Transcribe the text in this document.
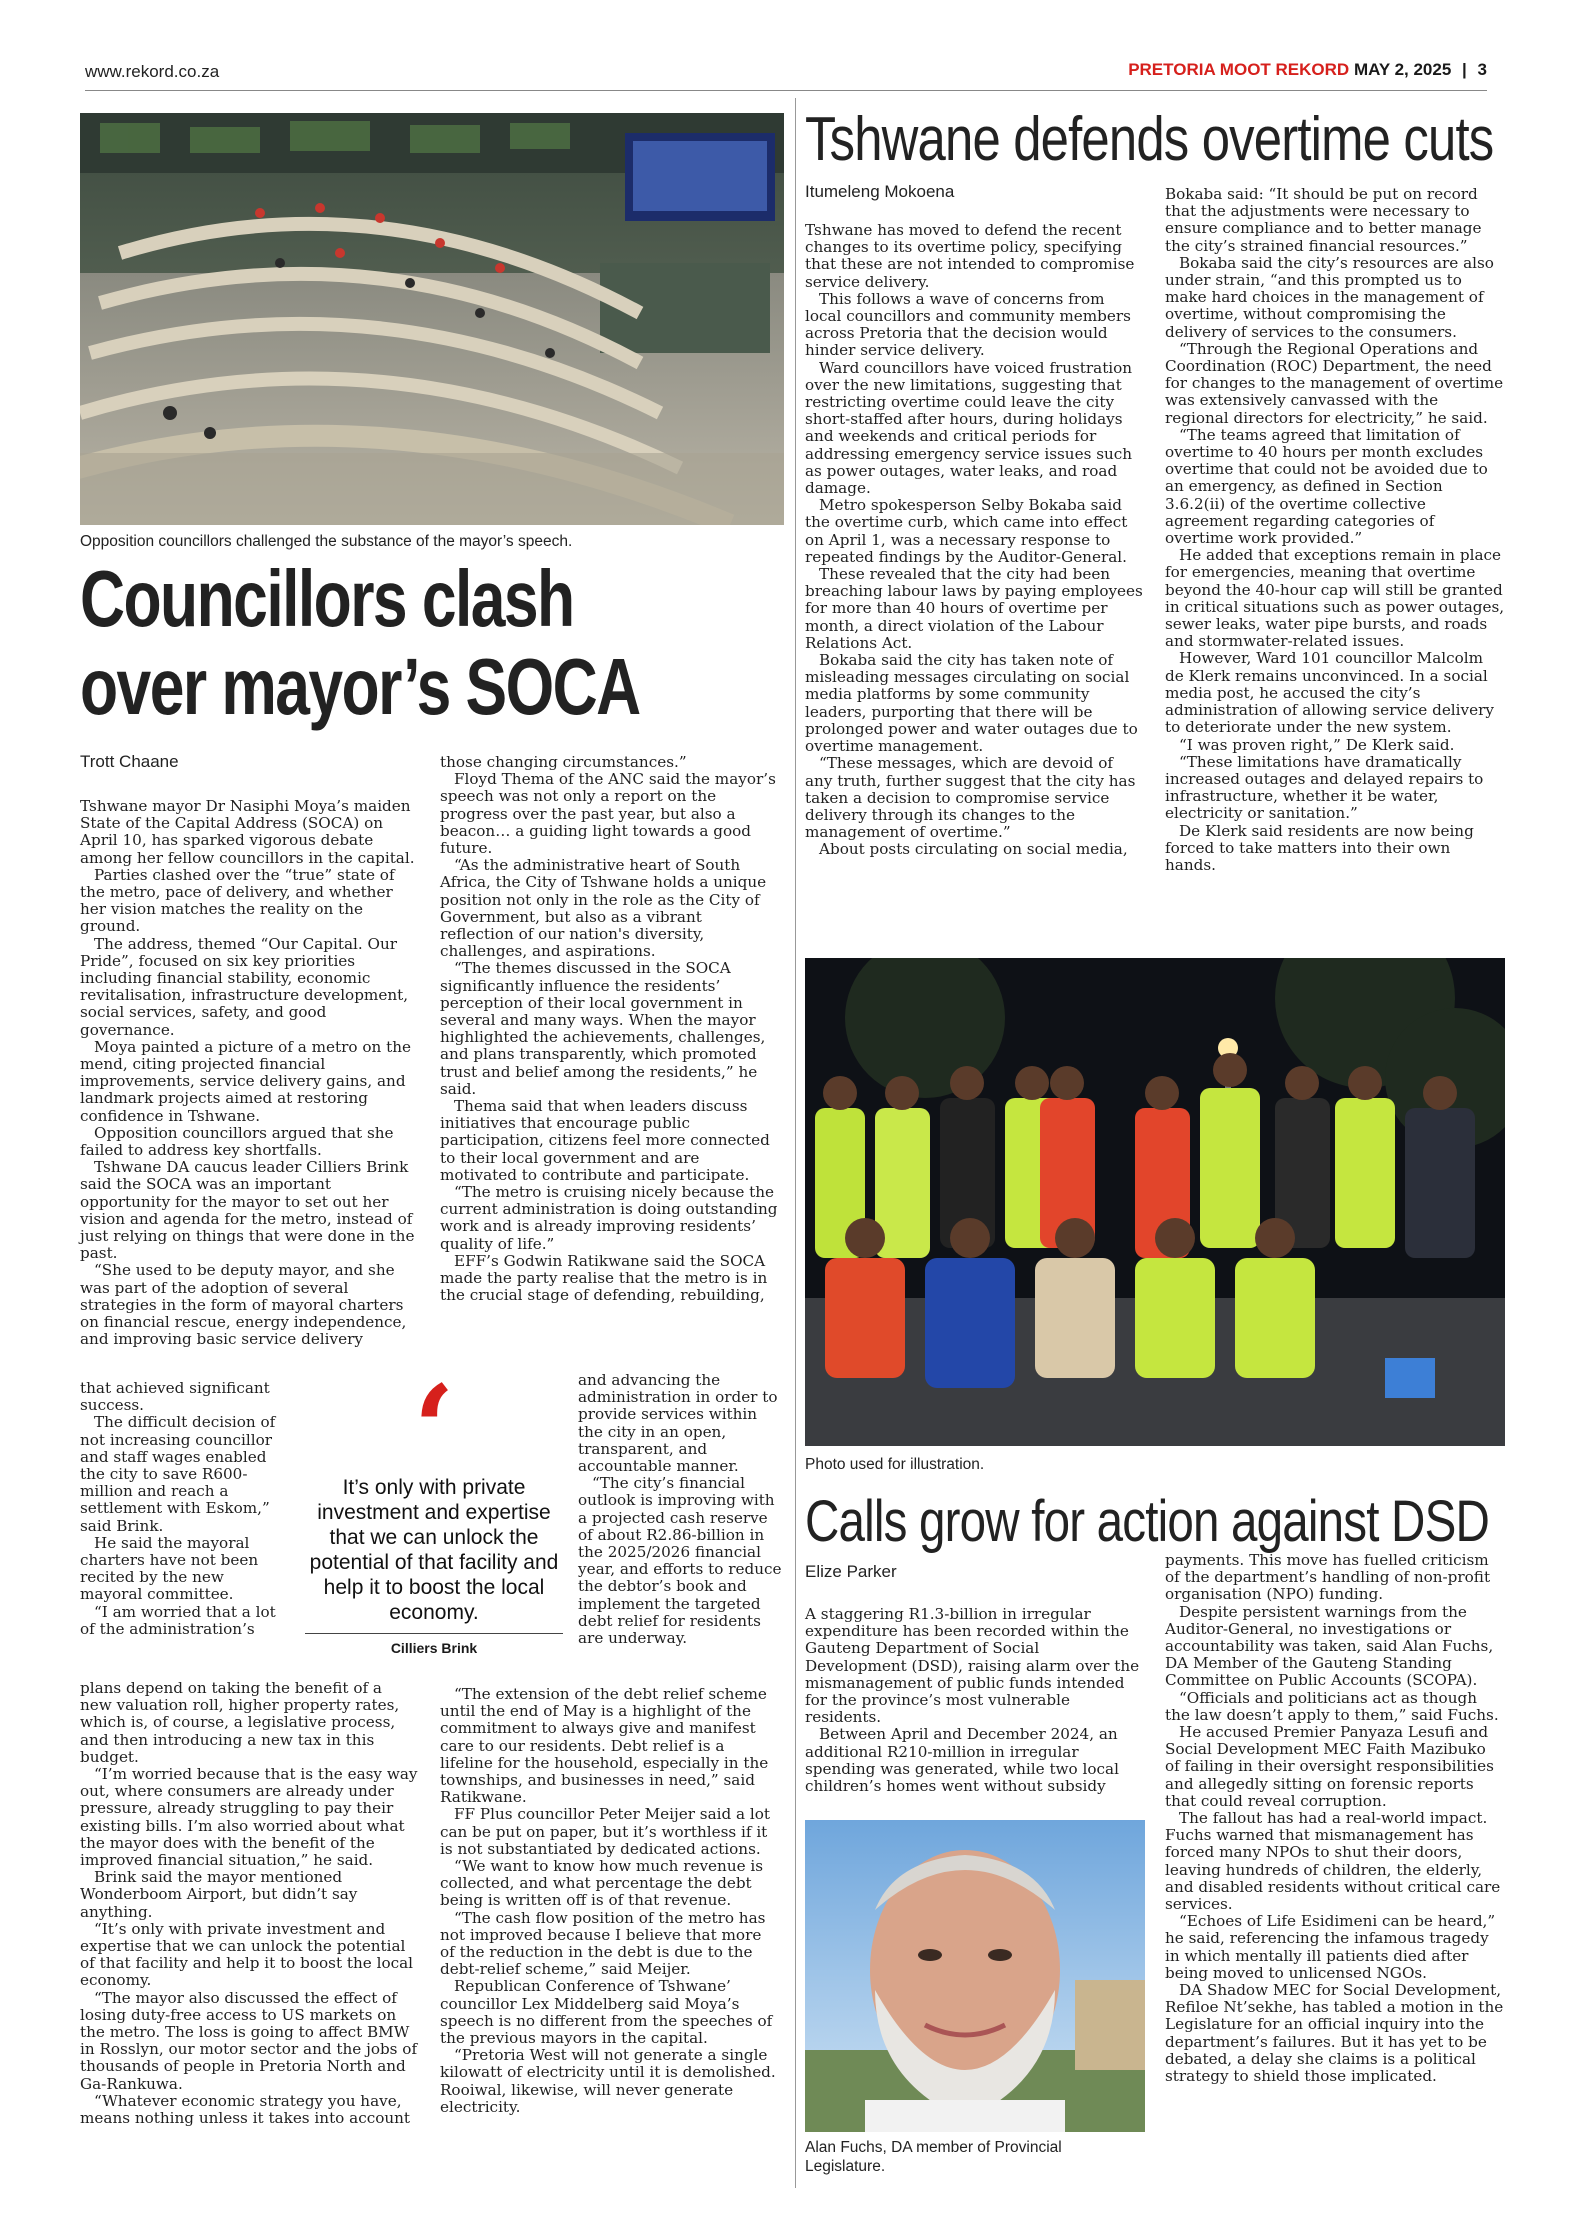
www.rekord.co.za	PRETORIA MOOT REKORD MAY 2, 2025 | 3
Opposition councillors challenged the substance of the mayor’s speech.
Councillors clash
over mayor’s SOCA
Trott Chaane

Tshwane mayor Dr Nasiphi Moya’s maiden State of the Capital Address (SOCA) on April 10, has sparked vigorous debate among her fellow councillors in the capital.

Parties clashed over the “true” state of the metro, pace of delivery, and whether her vision matches the reality on the ground.

The address, themed “Our Capital. Our Pride”, focused on six key priorities including financial stability, economic revitalisation, infrastructure development, social services, safety, and good governance.

Moya painted a picture of a metro on the mend, citing projected financial improvements, service delivery gains, and landmark projects aimed at restoring confidence in Tshwane.

Opposition councillors argued that she failed to address key shortfalls.

Tshwane DA caucus leader Cilliers Brink said the SOCA was an important opportunity for the mayor to set out her vision and agenda for the metro, instead of just relying on things that were done in the past.

“She used to be deputy mayor, and she was part of the adoption of several strategies in the form of mayoral charters on financial rescue, energy independence, and improving basic service delivery

that achieved significant success.

The difficult decision of not increasing councillor and staff wages enabled the city to save R600-million and reach a settlement with Eskom,” said Brink.

He said the mayoral charters have not been recited by the new mayoral committee.

“I am worried that a lot of the administration’s

plans depend on taking the benefit of a new valuation roll, higher property rates, which is, of course, a legislative process, and then introducing a new tax in this budget.

“I’m worried because that is the easy way out, where consumers are already under pressure, already struggling to pay their existing bills. I’m also worried about what the mayor does with the benefit of the improved financial situation,” he said.

Brink said the mayor mentioned Wonderboom Airport, but didn’t say anything.

“It’s only with private investment and expertise that we can unlock the potential of that facility and help it to boost the local economy.

“The mayor also discussed the effect of losing duty-free access to US markets on the metro. The loss is going to affect BMW in Rosslyn, our motor sector and the jobs of thousands of people in Pretoria North and Ga-Rankuwa.

“Whatever economic strategy you have, means nothing unless it takes into account

‘
It’s only with private investment and expertise that we can unlock the potential of that facility and help it to boost the local economy.
Cilliers Brink

those changing circumstances.”

Floyd Thema of the ANC said the mayor’s speech was not only a report on the progress over the past year, but also a beacon… a guiding light towards a good future.

“As the administrative heart of South Africa, the City of Tshwane holds a unique position not only in the role as the City of Government, but also as a vibrant reflection of our nation's diversity, challenges, and aspirations.

“The themes discussed in the SOCA significantly influence the residents’ perception of their local government in several and many ways. When the mayor highlighted the achievements, challenges, and plans transparently, which promoted trust and belief among the residents,” he said.

Thema said that when leaders discuss initiatives that encourage public participation, citizens feel more connected to their local government and are motivated to contribute and participate.

“The metro is cruising nicely because the current administration is doing outstanding work and is already improving residents’ quality of life.”

EFF’s Godwin Ratikwane said the SOCA made the party realise that the metro is in the crucial stage of defending, rebuilding,

and advancing the administration in order to provide services within the city in an open, transparent, and accountable manner.

“The city’s financial outlook is improving with a projected cash reserve of about R2.86-billion in the 2025/2026 financial year, and efforts to reduce the debtor’s book and implement the targeted debt relief for residents are underway.

“The extension of the debt relief scheme until the end of May is a highlight of the commitment to always give and manifest care to our residents. Debt relief is a lifeline for the household, especially in the townships, and businesses in need,” said Ratikwane.

FF Plus councillor Peter Meijer said a lot can be put on paper, but it’s worthless if it is not substantiated by dedicated actions.

“We want to know how much revenue is collected, and what percentage the debt being is written off is of that revenue.

“The cash flow position of the metro has not improved because I believe that more of the reduction in the debt is due to the debt-relief scheme,” said Meijer.

Republican Conference of Tshwane’ councillor Lex Middelberg said Moya’s speech is no different from the speeches of the previous mayors in the capital.

“Pretoria West will not generate a single kilowatt of electricity until it is demolished. Rooiwal, likewise, will never generate electricity.

Tshwane defends overtime cuts
Itumeleng Mokoena

Tshwane has moved to defend the recent changes to its overtime policy, specifying that these are not intended to compromise service delivery.

This follows a wave of concerns from local councillors and community members across Pretoria that the decision would hinder service delivery.

Ward councillors have voiced frustration over the new limitations, suggesting that restricting overtime could leave the city short-staffed after hours, during holidays and weekends and critical periods for addressing emergency service issues such as power outages, water leaks, and road damage.

Metro spokesperson Selby Bokaba said the overtime curb, which came into effect on April 1, was a necessary response to repeated findings by the Auditor-General.

These revealed that the city had been breaching labour laws by paying employees for more than 40 hours of overtime per month, a direct violation of the Labour Relations Act.

Bokaba said the city has taken note of misleading messages circulating on social media platforms by some community leaders, purporting that there will be prolonged power and water outages due to overtime management.

“These messages, which are devoid of any truth, further suggest that the city has taken a decision to compromise service delivery through its changes to the management of overtime.”

About posts circulating on social media,

Bokaba said: “It should be put on record that the adjustments were necessary to ensure compliance and to better manage the city’s strained financial resources.”

Bokaba said the city’s resources are also under strain, “and this prompted us to make hard choices in the management of overtime, without compromising the delivery of services to the consumers.

“Through the Regional Operations and Coordination (ROC) Department, the need for changes to the management of overtime was extensively canvassed with the regional directors for electricity,” he said.

“The teams agreed that limitation of overtime to 40 hours per month excludes overtime that could not be avoided due to an emergency, as defined in Section 3.6.2(ii) of the overtime collective agreement regarding categories of overtime work provided.”

He added that exceptions remain in place for emergencies, meaning that overtime beyond the 40-hour cap will still be granted in critical situations such as power outages, sewer leaks, water pipe bursts, and roads and stormwater-related issues.

However, Ward 101 councillor Malcolm de Klerk remains unconvinced. In a social media post, he accused the city’s administration of allowing service delivery to deteriorate under the new system.

“I was proven right,” De Klerk said.

“These limitations have dramatically increased outages and delayed repairs to infrastructure, whether it be water, electricity or sanitation.”

De Klerk said residents are now being forced to take matters into their own hands.

Photo used for illustration.
Calls grow for action against DSD
Elize Parker

A staggering R1.3-billion in irregular expenditure has been recorded within the Gauteng Department of Social Development (DSD), raising alarm over the mismanagement of public funds intended for the province’s most vulnerable residents.

Between April and December 2024, an additional R210-million in irregular spending was generated, while two local children’s homes went without subsidy

Alan Fuchs, DA member of Provincial Legislature.

payments. This move has fuelled criticism of the department’s handling of non-profit organisation (NPO) funding.

Despite persistent warnings from the Auditor-General, no investigations or accountability was taken, said Alan Fuchs, DA Member of the Gauteng Standing Committee on Public Accounts (SCOPA).

“Officials and politicians act as though the law doesn’t apply to them,” said Fuchs.

He accused Premier Panyaza Lesufi and Social Development MEC Faith Mazibuko of failing in their oversight responsibilities and allegedly sitting on forensic reports that could reveal corruption.

The fallout has had a real-world impact. Fuchs warned that mismanagement has forced many NPOs to shut their doors, leaving hundreds of children, the elderly, and disabled residents without critical care services.

“Echoes of Life Esidimeni can be heard,” he said, referencing the infamous tragedy in which mentally ill patients died after being moved to unlicensed NGOs.

DA Shadow MEC for Social Development, Refiloe Nt’sekhe, has tabled a motion in the Legislature for an official inquiry into the department’s failures. But it has yet to be debated, a delay she claims is a political strategy to shield those implicated.
